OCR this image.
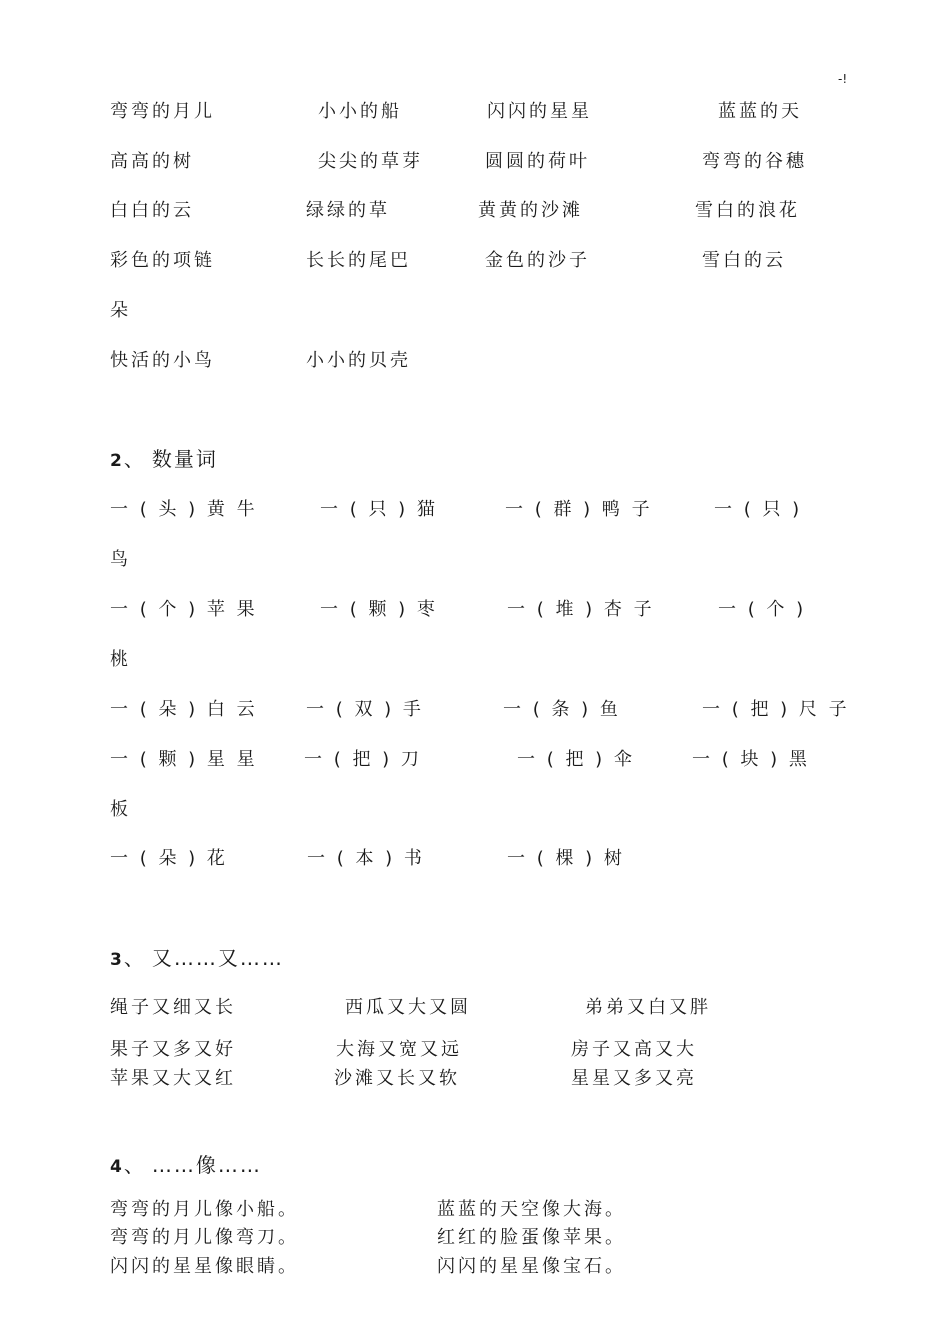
-!
弯弯的月儿	小小的船	闪闪的星星	蓝蓝的天
高高的树	尖尖的草芽	圆圆的荷叶	弯弯的谷穗
白白的云	绿绿的草	黄黄的沙滩	雪白的浪花
彩色的项链	长长的尾巴	金色的沙子	雪白的云
朵
快活的小鸟	小小的贝壳
2 、 数量词
一 ( 头 ) 黄 牛	一 ( 只 ) 猫	一 ( 群 ) 鸭 子	一 ( 只 )
鸟
一 ( 个 ) 苹 果	一 ( 颗 ) 枣	一 ( 堆 ) 杏 子	一 ( 个 )
桃
一 ( 朵 ) 白 云	一 ( 双 ) 手	一 ( 条 ) 鱼	一 ( 把 ) 尺 子
一 ( 颗 ) 星 星	一 ( 把 ) 刀	一 ( 把 ) 伞	一 ( 块 ) 黑
板
一 ( 朵 ) 花	一 ( 本 ) 书	一 ( 棵 ) 树
3 、 又……又……
绳子又细又长	西瓜又大又圆	弟弟又白又胖
果子又多又好	大海又宽又远	房子又高又大
苹果又大又红	沙滩又长又软	星星又多又亮
4 、 ……像……
弯弯的月儿像小船。	蓝蓝的天空像大海。
弯弯的月儿像弯刀。	红红的脸蛋像苹果。
闪闪的星星像眼睛。	闪闪的星星像宝石。
